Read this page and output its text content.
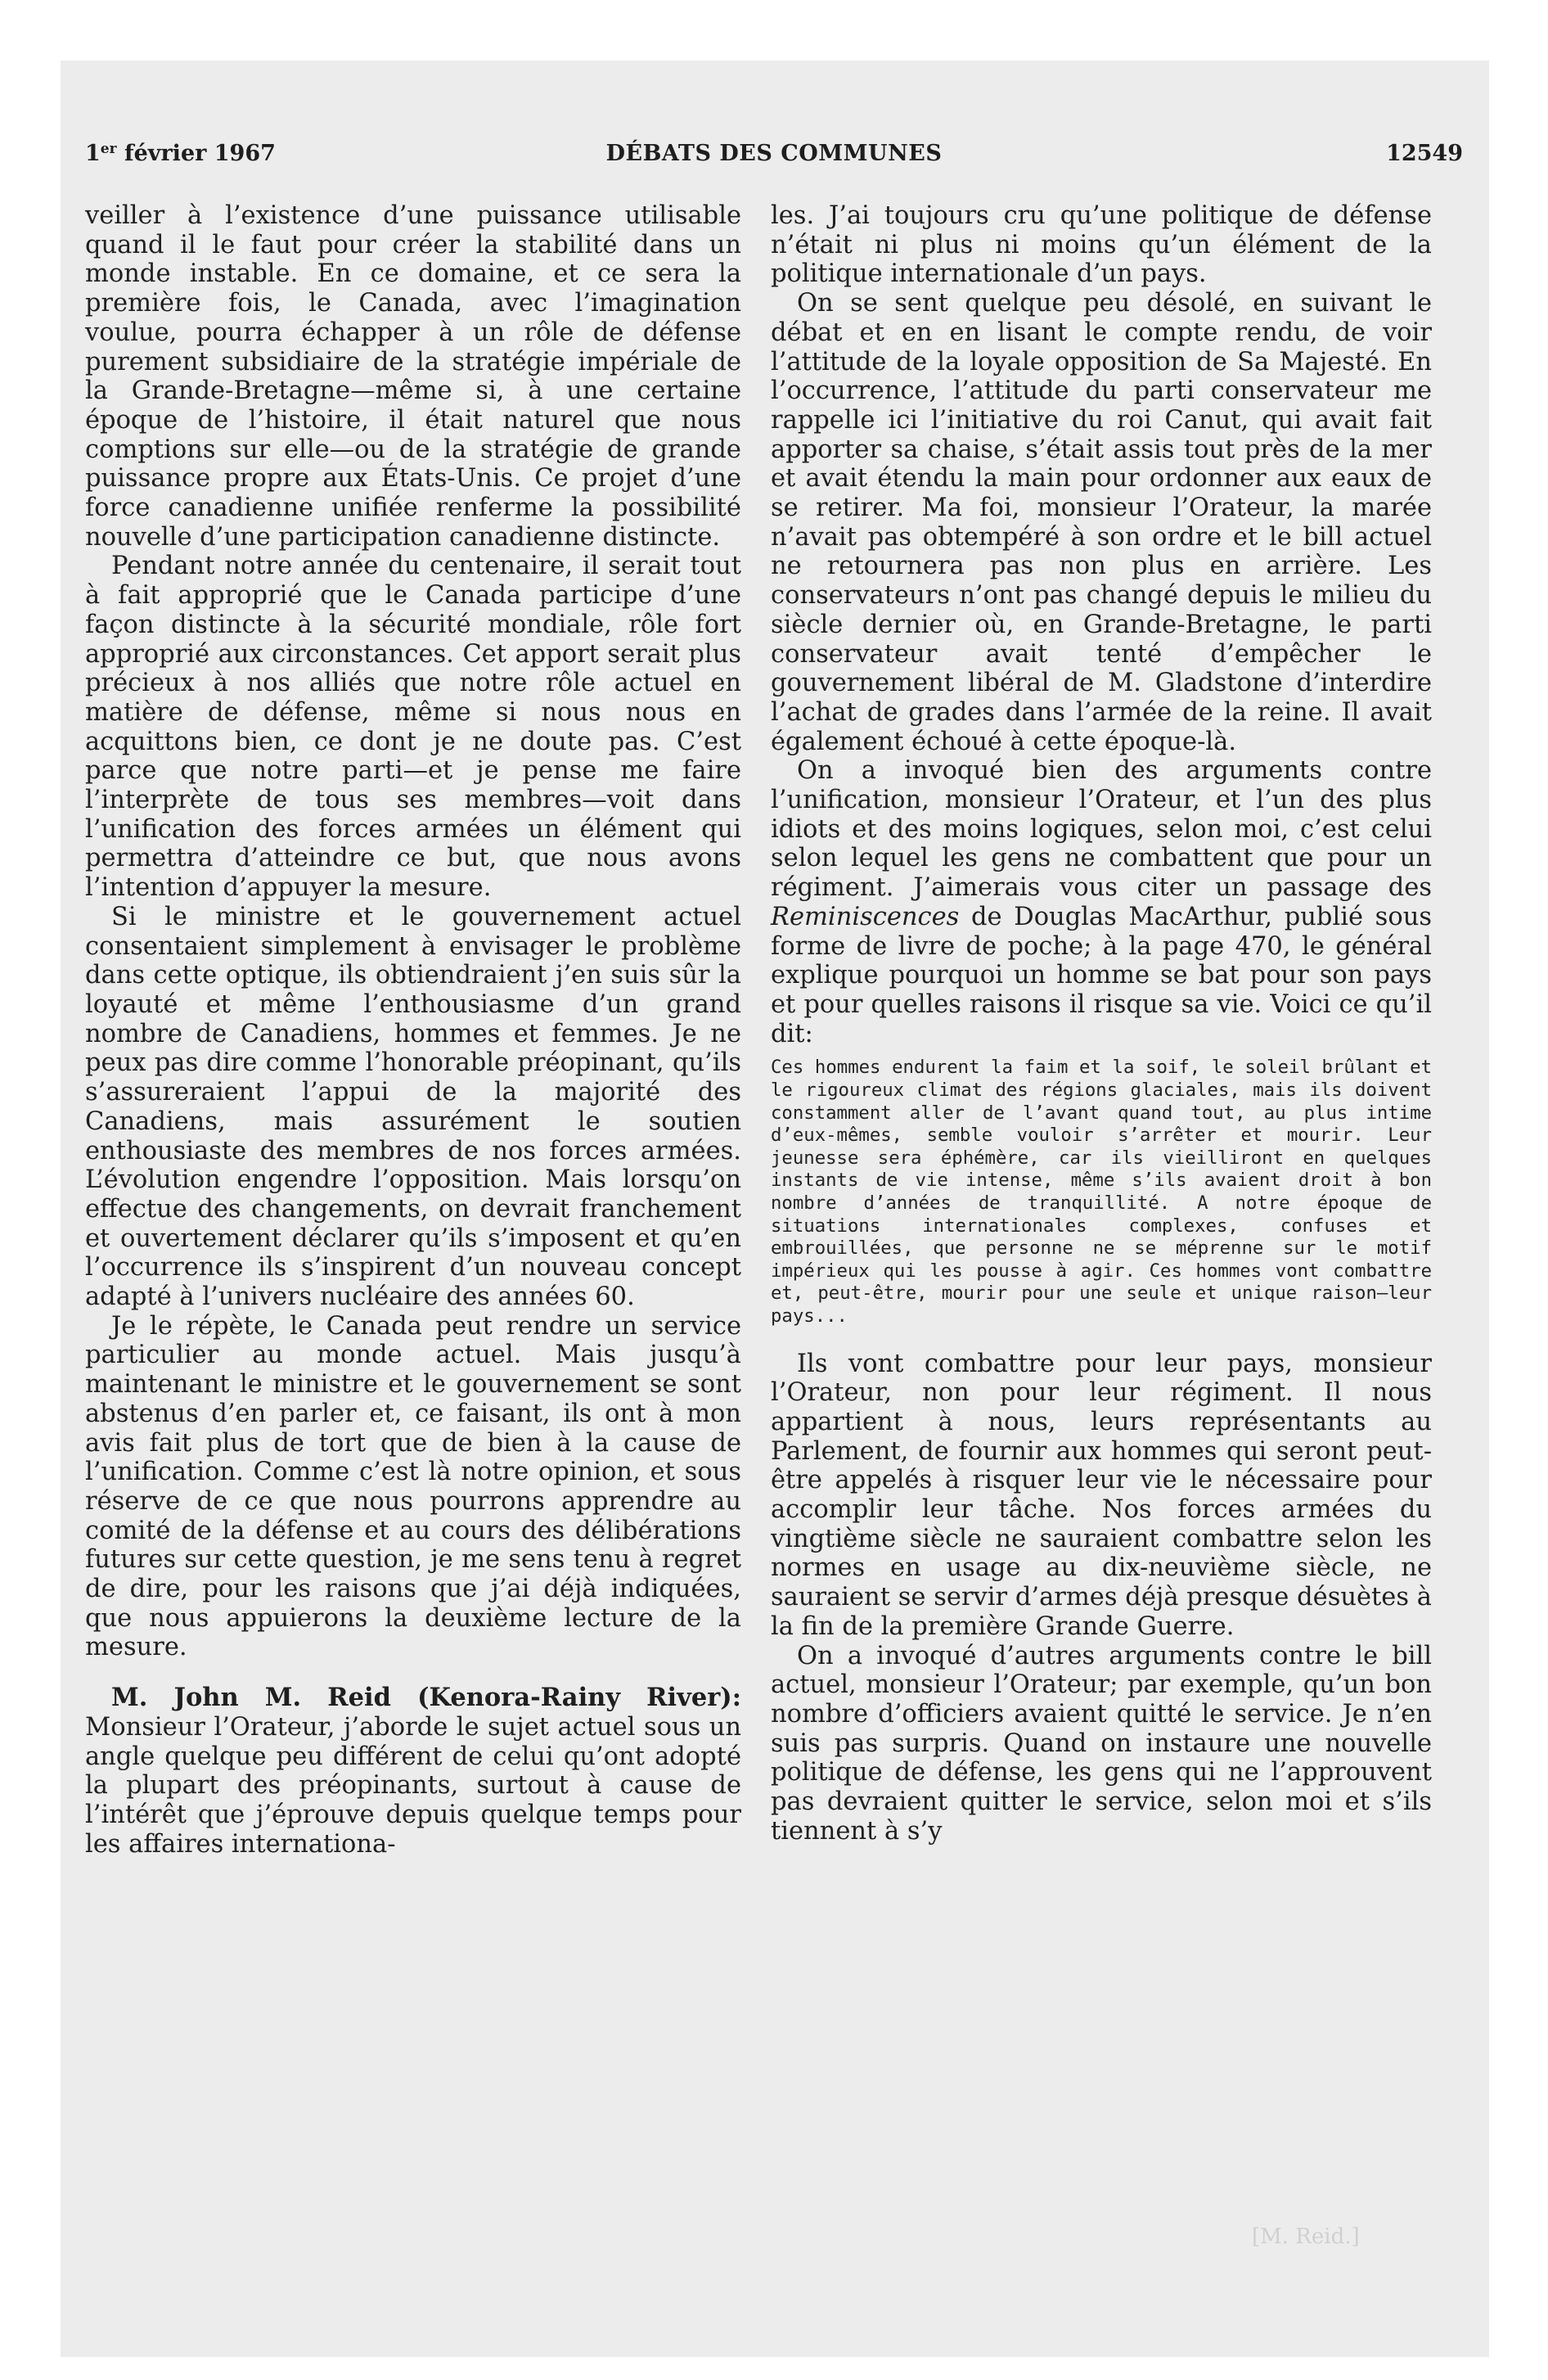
1er février 1967	DÉBATS DES COMMUNES	12549

veiller à l’existence d’une puissance utilisable quand il le faut pour créer la stabilité dans un monde instable. En ce domaine, et ce sera la première fois, le Canada, avec l’imagination voulue, pourra échapper à un rôle de défense purement subsidiaire de la stratégie impériale de la Grande-Bretagne—même si, à une certaine époque de l’histoire, il était naturel que nous comptions sur elle—ou de la stratégie de grande puissance propre aux États-Unis. Ce projet d’une force canadienne unifiée renferme la possibilité nouvelle d’une participation canadienne distincte.

Pendant notre année du centenaire, il serait tout à fait approprié que le Canada participe d’une façon distincte à la sécurité mondiale, rôle fort approprié aux circonstances. Cet apport serait plus précieux à nos alliés que notre rôle actuel en matière de défense, même si nous nous en acquittons bien, ce dont je ne doute pas. C’est parce que notre parti—et je pense me faire l’interprète de tous ses membres—voit dans l’unification des forces armées un élément qui permettra d’atteindre ce but, que nous avons l’intention d’appuyer la mesure.

Si le ministre et le gouvernement actuel consentaient simplement à envisager le problème dans cette optique, ils obtiendraient j’en suis sûr la loyauté et même l’enthousiasme d’un grand nombre de Canadiens, hommes et femmes. Je ne peux pas dire comme l’honorable préopinant, qu’ils s’assureraient l’appui de la majorité des Canadiens, mais assurément le soutien enthousiaste des membres de nos forces armées. L’évolution engendre l’opposition. Mais lorsqu’on effectue des changements, on devrait franchement et ouvertement déclarer qu’ils s’imposent et qu’en l’occurrence ils s’inspirent d’un nouveau concept adapté à l’univers nucléaire des années 60.

Je le répète, le Canada peut rendre un service particulier au monde actuel. Mais jusqu’à maintenant le ministre et le gouvernement se sont abstenus d’en parler et, ce faisant, ils ont à mon avis fait plus de tort que de bien à la cause de l’unification. Comme c’est là notre opinion, et sous réserve de ce que nous pourrons apprendre au comité de la défense et au cours des délibérations futures sur cette question, je me sens tenu à regret de dire, pour les raisons que j’ai déjà indiquées, que nous appuierons la deuxième lecture de la mesure.

M. John M. Reid (Kenora-Rainy River): Monsieur l’Orateur, j’aborde le sujet actuel sous un angle quelque peu différent de celui qu’ont adopté la plupart des préopinants, surtout à cause de l’intérêt que j’éprouve depuis quelque temps pour les affaires internationa-

les. J’ai toujours cru qu’une politique de défense n’était ni plus ni moins qu’un élément de la politique internationale d’un pays.

On se sent quelque peu désolé, en suivant le débat et en en lisant le compte rendu, de voir l’attitude de la loyale opposition de Sa Majesté. En l’occurrence, l’attitude du parti conservateur me rappelle ici l’initiative du roi Canut, qui avait fait apporter sa chaise, s’était assis tout près de la mer et avait étendu la main pour ordonner aux eaux de se retirer. Ma foi, monsieur l’Orateur, la marée n’avait pas obtempéré à son ordre et le bill actuel ne retournera pas non plus en arrière. Les conservateurs n’ont pas changé depuis le milieu du siècle dernier où, en Grande-Bretagne, le parti conservateur avait tenté d’empêcher le gouvernement libéral de M. Gladstone d’interdire l’achat de grades dans l’armée de la reine. Il avait également échoué à cette époque-là.

On a invoqué bien des arguments contre l’unification, monsieur l’Orateur, et l’un des plus idiots et des moins logiques, selon moi, c’est celui selon lequel les gens ne combattent que pour un régiment. J’aimerais vous citer un passage des Reminiscences de Douglas MacArthur, publié sous forme de livre de poche; à la page 470, le général explique pourquoi un homme se bat pour son pays et pour quelles raisons il risque sa vie. Voici ce qu’il dit:

Ces hommes endurent la faim et la soif, le soleil brûlant et le rigoureux climat des régions glaciales, mais ils doivent constamment aller de l’avant quand tout, au plus intime d’eux-mêmes, semble vouloir s’arrêter et mourir. Leur jeunesse sera éphémère, car ils vieilliront en quelques instants de vie intense, même s’ils avaient droit à bon nombre d’années de tranquillité. A notre époque de situations internationales complexes, confuses et embrouillées, que personne ne se méprenne sur le motif impérieux qui les pousse à agir. Ces hommes vont combattre et, peut-être, mourir pour une seule et unique raison—leur pays...

Ils vont combattre pour leur pays, monsieur l’Orateur, non pour leur régiment. Il nous appartient à nous, leurs représentants au Parlement, de fournir aux hommes qui seront peut-être appelés à risquer leur vie le nécessaire pour accomplir leur tâche. Nos forces armées du vingtième siècle ne sauraient combattre selon les normes en usage au dix-neuvième siècle, ne sauraient se servir d’armes déjà presque désuètes à la fin de la première Grande Guerre.

On a invoqué d’autres arguments contre le bill actuel, monsieur l’Orateur; par exemple, qu’un bon nombre d’officiers avaient quitté le service. Je n’en suis pas surpris. Quand on instaure une nouvelle politique de défense, les gens qui ne l’approuvent pas devraient quitter le service, selon moi et s’ils tiennent à s’y

[M. Reid.]
